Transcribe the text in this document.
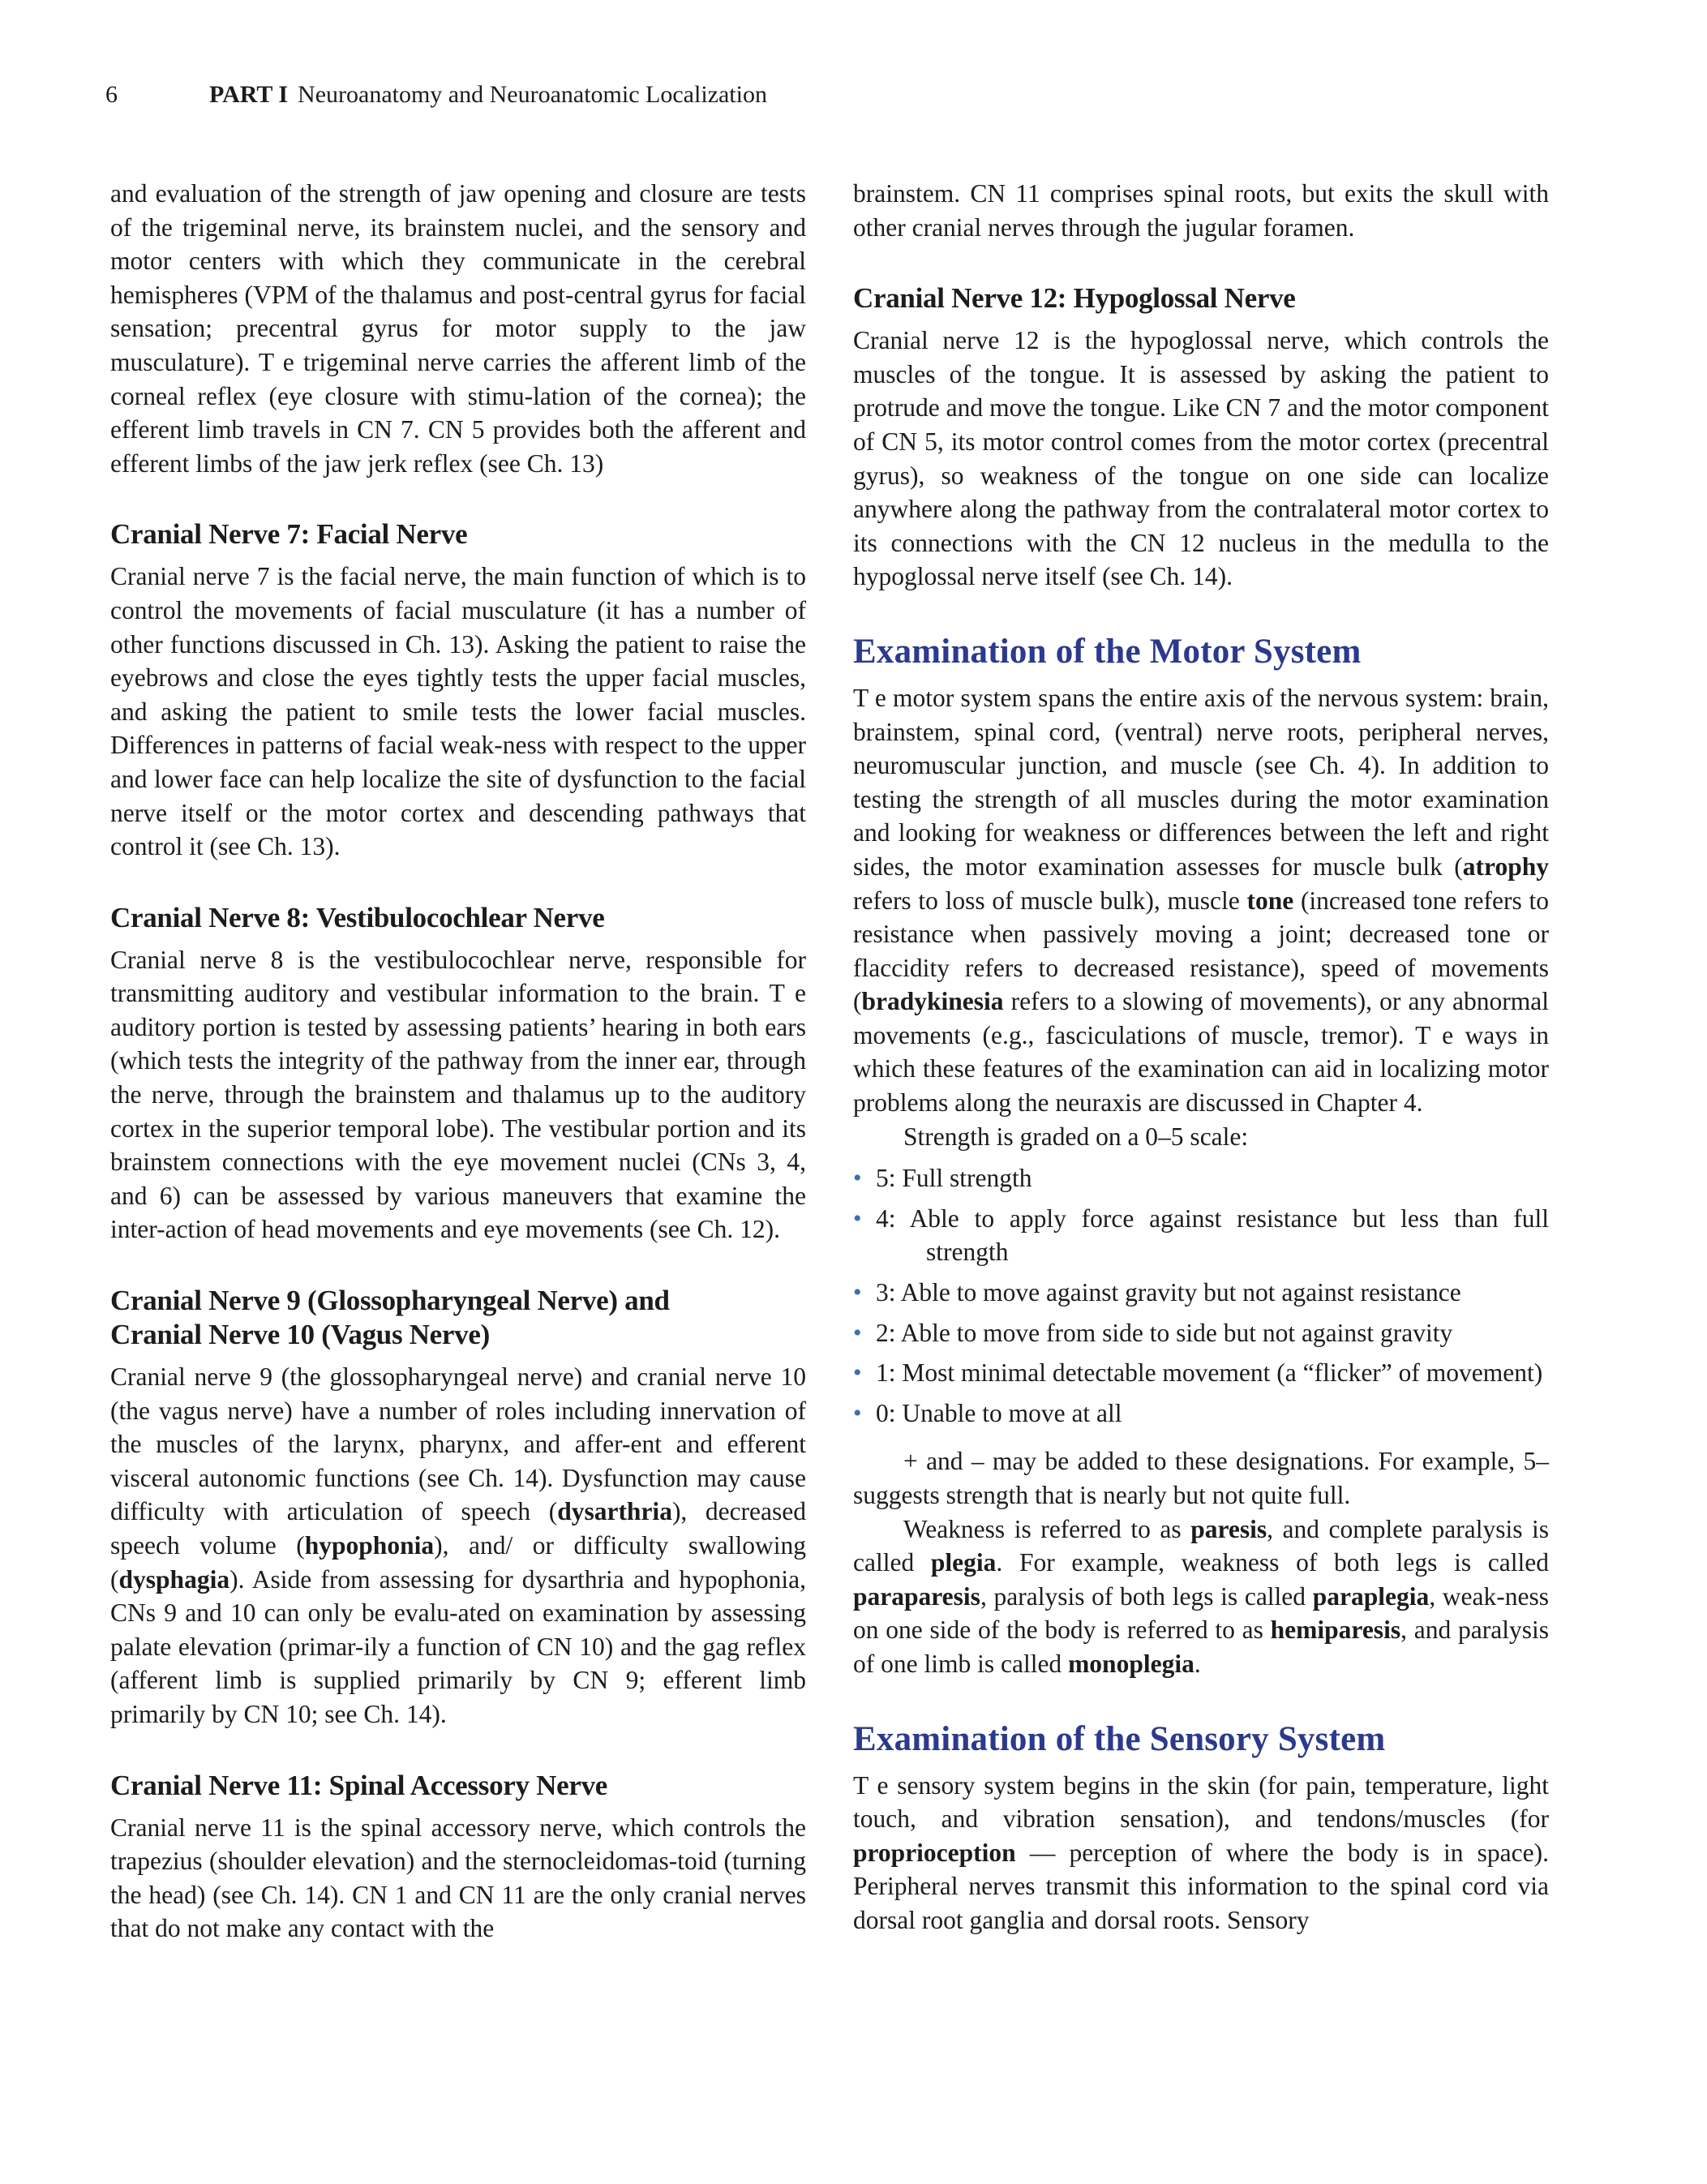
6	PART I Neuroanatomy and Neuroanatomic Localization

and evaluation of the strength of jaw opening and closure are tests of the trigeminal nerve, its brainstem nuclei, and the sensory and motor centers with which they communicate in the cerebral hemispheres (VPM of the thalamus and post-central gyrus for facial sensation; precentral gyrus for motor supply to the jaw musculature). T e trigeminal nerve carries the afferent limb of the corneal reflex (eye closure with stimu-lation of the cornea); the efferent limb travels in CN 7. CN 5 provides both the afferent and efferent limbs of the jaw jerk reflex (see Ch. 13)

Cranial Nerve 7: Facial Nerve

Cranial nerve 7 is the facial nerve, the main function of which is to control the movements of facial musculature (it has a number of other functions discussed in Ch. 13). Asking the patient to raise the eyebrows and close the eyes tightly tests the upper facial muscles, and asking the patient to smile tests the lower facial muscles. Differences in patterns of facial weak-ness with respect to the upper and lower face can help localize the site of dysfunction to the facial nerve itself or the motor cortex and descending pathways that control it (see Ch. 13).

Cranial Nerve 8: Vestibulocochlear Nerve

Cranial nerve 8 is the vestibulocochlear nerve, responsible for transmitting auditory and vestibular information to the brain. T e auditory portion is tested by assessing patients’ hearing in both ears (which tests the integrity of the pathway from the inner ear, through the nerve, through the brainstem and thalamus up to the auditory cortex in the superior temporal lobe). The vestibular portion and its brainstem connections with the eye movement nuclei (CNs 3, 4, and 6) can be assessed by various maneuvers that examine the inter-action of head movements and eye movements (see Ch. 12).

Cranial Nerve 9 (Glossopharyngeal Nerve) and
Cranial Nerve 10 (Vagus Nerve)

Cranial nerve 9 (the glossopharyngeal nerve) and cranial nerve 10 (the vagus nerve) have a number of roles including innervation of the muscles of the larynx, pharynx, and affer-ent and efferent visceral autonomic functions (see Ch. 14). Dysfunction may cause difficulty with articulation of speech (dysarthria), decreased speech volume (hypophonia), and/ or difficulty swallowing (dysphagia). Aside from assessing for dysarthria and hypophonia, CNs 9 and 10 can only be evalu-ated on examination by assessing palate elevation (primar-ily a function of CN 10) and the gag reflex (afferent limb is supplied primarily by CN 9; efferent limb primarily by CN 10; see Ch. 14).

Cranial Nerve 11: Spinal Accessory Nerve

Cranial nerve 11 is the spinal accessory nerve, which controls the trapezius (shoulder elevation) and the sternocleidomas-toid (turning the head) (see Ch. 14). CN 1 and CN 11 are the only cranial nerves that do not make any contact with the

brainstem. CN 11 comprises spinal roots, but exits the skull with other cranial nerves through the jugular foramen.

Cranial Nerve 12: Hypoglossal Nerve

Cranial nerve 12 is the hypoglossal nerve, which controls the muscles of the tongue. It is assessed by asking the patient to protrude and move the tongue. Like CN 7 and the motor component of CN 5, its motor control comes from the motor cortex (precentral gyrus), so weakness of the tongue on one side can localize anywhere along the pathway from the contralateral motor cortex to its connections with the CN 12 nucleus in the medulla to the hypoglossal nerve itself (see Ch. 14).

Examination of the Motor System

T e motor system spans the entire axis of the nervous system: brain, brainstem, spinal cord, (ventral) nerve roots, peripheral nerves, neuromuscular junction, and muscle (see Ch. 4). In addition to testing the strength of all muscles during the motor examination and looking for weakness or differences between the left and right sides, the motor examination assesses for muscle bulk (atrophy refers to loss of muscle bulk), muscle tone (increased tone refers to resistance when passively moving a joint; decreased tone or flaccidity refers to decreased resistance), speed of movements (bradykinesia refers to a slowing of movements), or any abnormal movements (e.g., fasciculations of muscle, tremor). T e ways in which these features of the examination can aid in localizing motor problems along the neuraxis are discussed in Chapter 4.

Strength is graded on a 0–5 scale:

• 5: Full strength
• 4: Able to apply force against resistance but less than full strength
• 3: Able to move against gravity but not against resistance
• 2: Able to move from side to side but not against gravity
• 1: Most minimal detectable movement (a “flicker” of movement)
• 0: Unable to move at all

+ and – may be added to these designations. For example, 5– suggests strength that is nearly but not quite full.

Weakness is referred to as paresis, and complete paralysis is called plegia. For example, weakness of both legs is called paraparesis, paralysis of both legs is called paraplegia, weak-ness on one side of the body is referred to as hemiparesis, and paralysis of one limb is called monoplegia.

Examination of the Sensory System

T e sensory system begins in the skin (for pain, temperature, light touch, and vibration sensation), and tendons/muscles (for proprioception — perception of where the body is in space). Peripheral nerves transmit this information to the spinal cord via dorsal root ganglia and dorsal roots. Sensory
